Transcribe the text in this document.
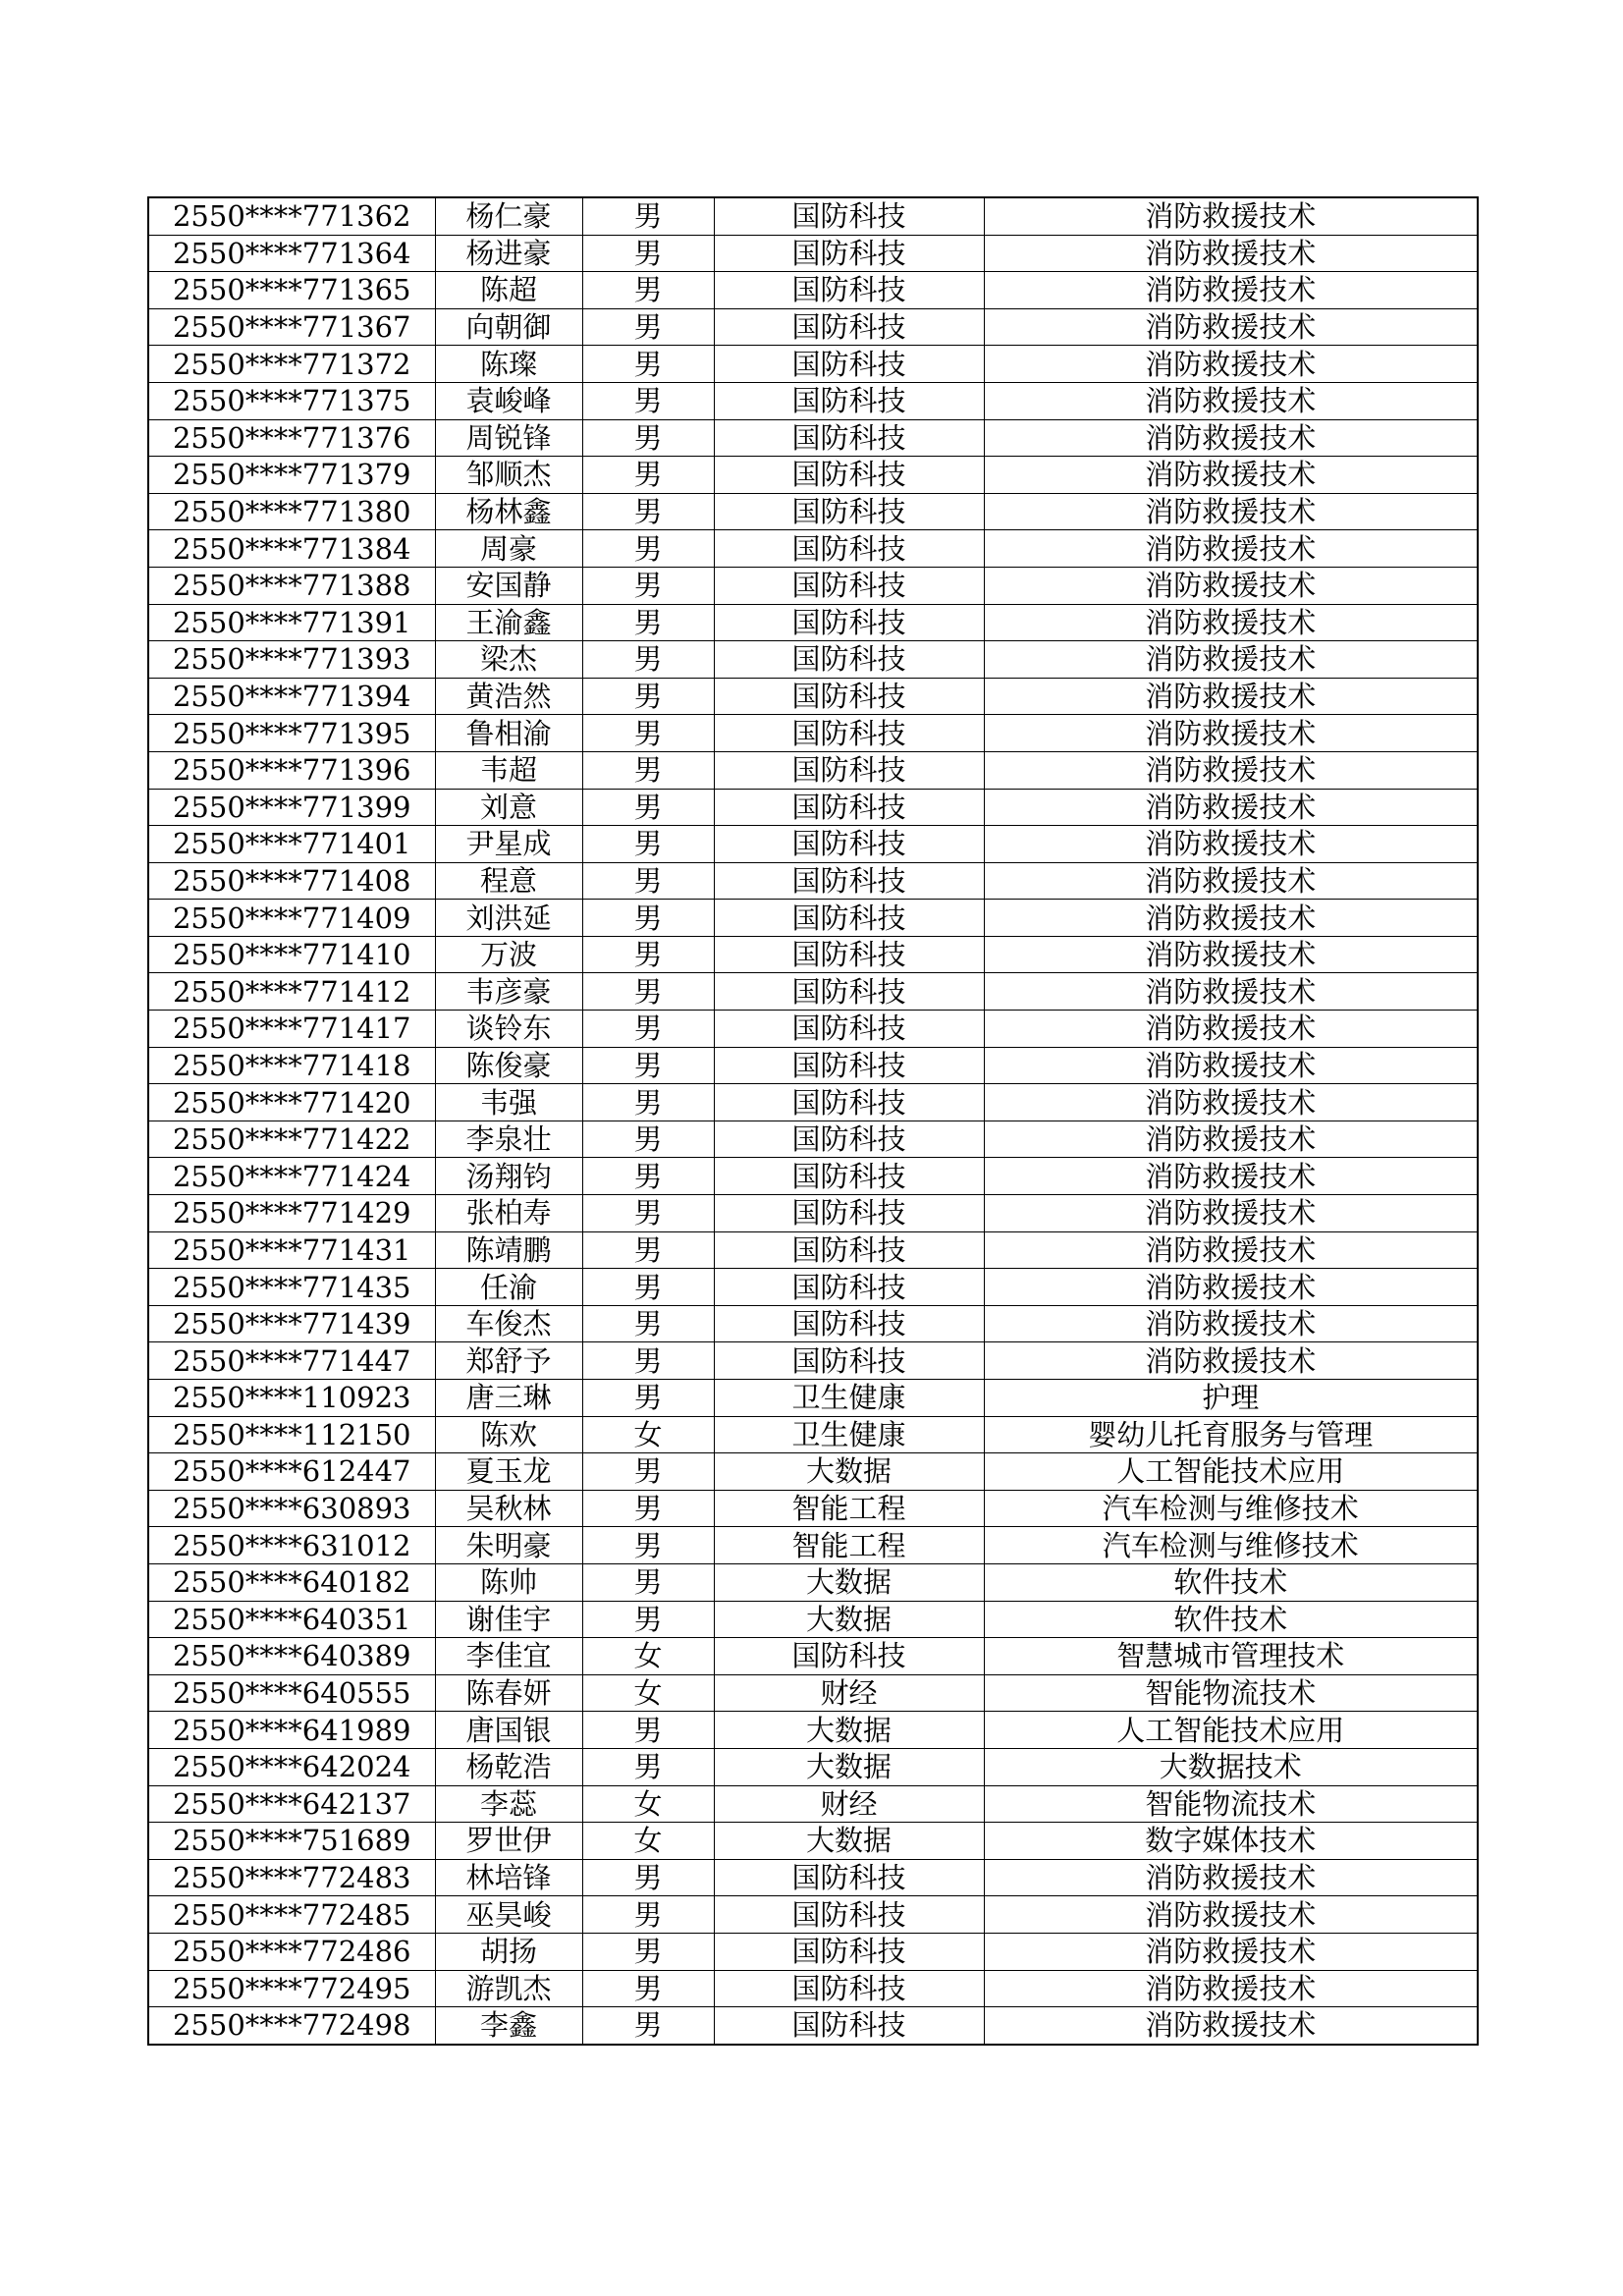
2550****771362	杨仁豪	男	国防科技	消防救援技术
2550****771364	杨进豪	男	国防科技	消防救援技术
2550****771365	陈超	男	国防科技	消防救援技术
2550****771367	向朝御	男	国防科技	消防救援技术
2550****771372	陈璨	男	国防科技	消防救援技术
2550****771375	袁峻峰	男	国防科技	消防救援技术
2550****771376	周锐锋	男	国防科技	消防救援技术
2550****771379	邹顺杰	男	国防科技	消防救援技术
2550****771380	杨林鑫	男	国防科技	消防救援技术
2550****771384	周豪	男	国防科技	消防救援技术
2550****771388	安国静	男	国防科技	消防救援技术
2550****771391	王渝鑫	男	国防科技	消防救援技术
2550****771393	梁杰	男	国防科技	消防救援技术
2550****771394	黄浩然	男	国防科技	消防救援技术
2550****771395	鲁相渝	男	国防科技	消防救援技术
2550****771396	韦超	男	国防科技	消防救援技术
2550****771399	刘意	男	国防科技	消防救援技术
2550****771401	尹星成	男	国防科技	消防救援技术
2550****771408	程意	男	国防科技	消防救援技术
2550****771409	刘洪延	男	国防科技	消防救援技术
2550****771410	万波	男	国防科技	消防救援技术
2550****771412	韦彦豪	男	国防科技	消防救援技术
2550****771417	谈铃东	男	国防科技	消防救援技术
2550****771418	陈俊豪	男	国防科技	消防救援技术
2550****771420	韦强	男	国防科技	消防救援技术
2550****771422	李泉壮	男	国防科技	消防救援技术
2550****771424	汤翔钧	男	国防科技	消防救援技术
2550****771429	张柏寿	男	国防科技	消防救援技术
2550****771431	陈靖鹏	男	国防科技	消防救援技术
2550****771435	任渝	男	国防科技	消防救援技术
2550****771439	车俊杰	男	国防科技	消防救援技术
2550****771447	郑舒予	男	国防科技	消防救援技术
2550****110923	唐三琳	男	卫生健康	护理
2550****112150	陈欢	女	卫生健康	婴幼儿托育服务与管理
2550****612447	夏玉龙	男	大数据	人工智能技术应用
2550****630893	吴秋林	男	智能工程	汽车检测与维修技术
2550****631012	朱明豪	男	智能工程	汽车检测与维修技术
2550****640182	陈帅	男	大数据	软件技术
2550****640351	谢佳宇	男	大数据	软件技术
2550****640389	李佳宜	女	国防科技	智慧城市管理技术
2550****640555	陈春妍	女	财经	智能物流技术
2550****641989	唐国银	男	大数据	人工智能技术应用
2550****642024	杨乾浩	男	大数据	大数据技术
2550****642137	李蕊	女	财经	智能物流技术
2550****751689	罗世伊	女	大数据	数字媒体技术
2550****772483	林培锋	男	国防科技	消防救援技术
2550****772485	巫昊峻	男	国防科技	消防救援技术
2550****772486	胡扬	男	国防科技	消防救援技术
2550****772495	游凯杰	男	国防科技	消防救援技术
2550****772498	李鑫	男	国防科技	消防救援技术
